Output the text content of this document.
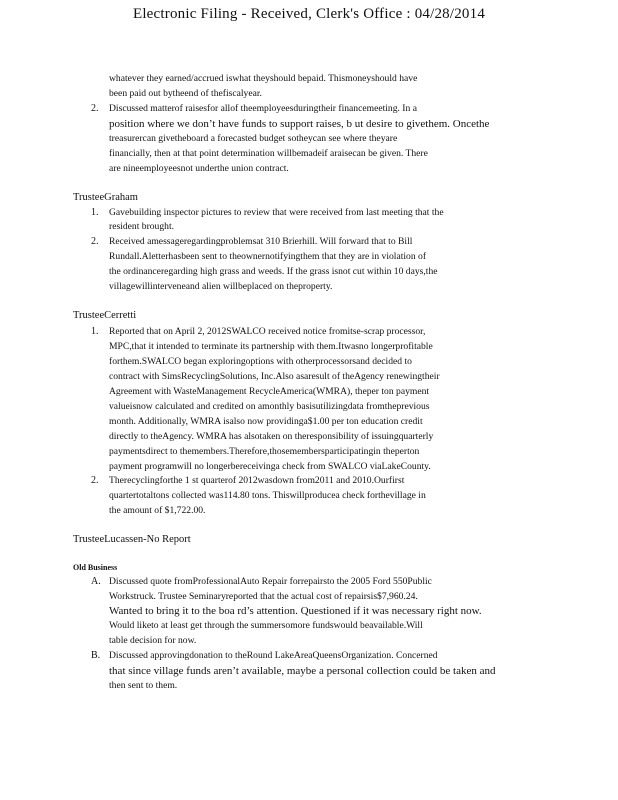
Electronic Filing - Received, Clerk's Office : 04/28/2014
whatever they earned/accrued iswhat theyshould bepaid. Thismoneyshould have
been paid out bytheend of thefiscalyear.
2. Discussed matterof raisesfor allof theemployeesduringtheir financemeeting. In a
position where we don’t have funds to support raises, b ut desire to givethem. Oncethe
treasurercan givetheboard a forecasted budget sotheycan see where theyare
financially, then at that point determination willbemadeif araisecan be given. There
are nineemployeesnot underthe union contract.
TrusteeGraham
1. Gavebuilding inspector pictures to review that were received from last meeting that the
resident brought.
2. Received amessageregardingproblemsat 310 Brierhill. Will forward that to Bill
Rundall.Aletterhasbeen sent to theownernotifyingthem that they are in violation of
the ordinanceregarding high grass and weeds. If the grass isnot cut within 10 days,the
villagewillinterveneand alien willbeplaced on theproperty.
TrusteeCerretti
1. Reported that on April 2, 2012SWALCO received notice fromitse-scrap processor,
MPC,that it intended to terminate its partnership with them.Itwasno longerprofitable
forthem.SWALCO began exploringoptions with otherprocessorsand decided to
contract with SimsRecyclingSolutions, Inc.Also asaresult of theAgency renewingtheir
Agreement with WasteManagement RecycleAmerica(WMRA), theper ton payment
valueisnow calculated and credited on amonthly basisutilizingdata fromtheprevious
month. Additionally, WMRA isalso now providinga$1.00 per ton education credit
directly to theAgency. WMRA has alsotaken on theresponsibility of issuingquarterly
paymentsdirect to themembers.Therefore,thosemembersparticipatingin theperton
payment programwill no longerbereceivinga check from SWALCO viaLakeCounty.
2. Therecyclingforthe 1 st quarterof 2012wasdown from2011 and 2010.Ourfirst
quartertotaltons collected was114.80 tons. Thiswillproducea check forthevillage in
the amount of $1,722.00.
TrusteeLucassen-No Report
Old Business
A. Discussed quote fromProfessionalAuto Repair forrepairsto the 2005 Ford 550Public
Workstruck. Trustee Seminaryreported that the actual cost of repairsis$7,960.24.
Wanted to bring it to the boa rd’s attention. Questioned if it was necessary right now.
Would liketo at least get through the summersomore fundswould beavailable.Will
table decision for now.
B. Discussed approvingdonation to theRound LakeAreaQueensOrganization. Concerned
that since village funds aren’t available, maybe a personal collection could be taken and
then sent to them.
